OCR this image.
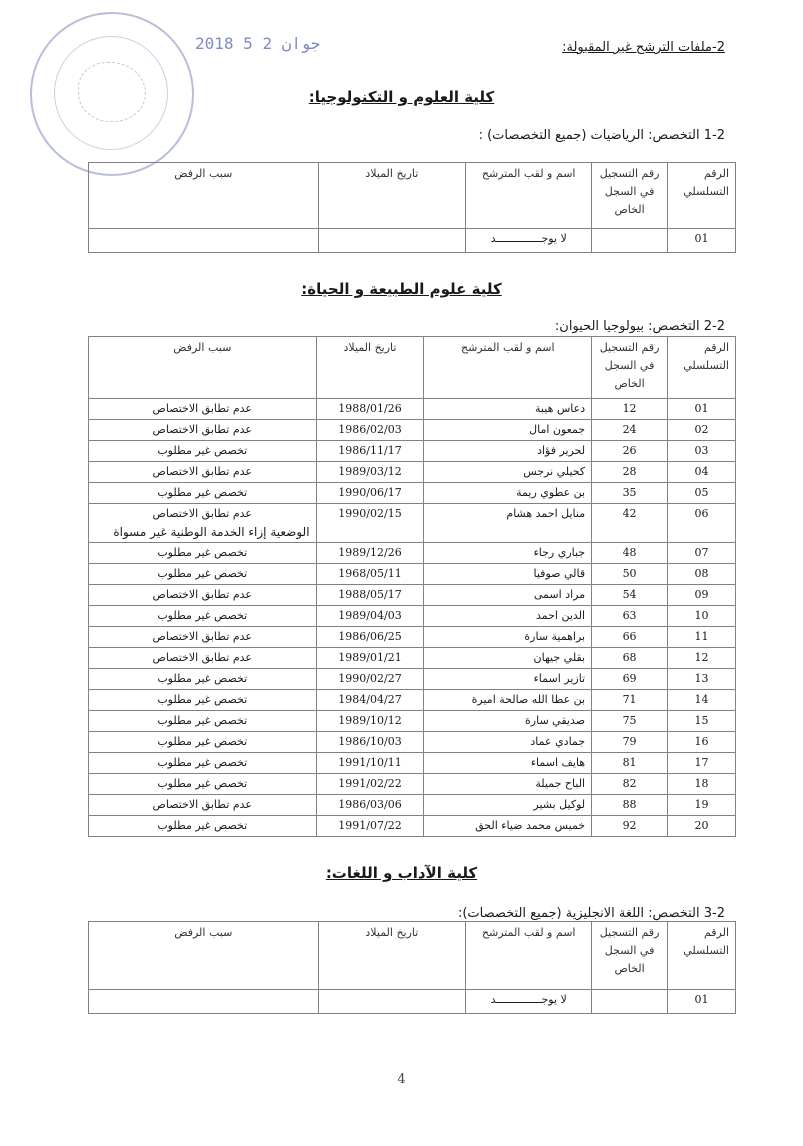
2018 جوان 2 5	2-ملفات الترشح غير المقبولة:
كلية العلوم و التكنولوجيا:
1-2 التخصص: الرياضيات (جميع التخصصات) :
الرقم التسلسلي	رقم التسجيل في السجل الخاص	اسم و لقب المترشح	تاريخ الميلاد	سبب الرفض
01		لا يوجــــــــــــــد		
كلية علوم الطبيعة و الحياة:
2-2 التخصص: بيولوجيا الحيوان:
الرقم التسلسلي	رقم التسجيل في السجل الخاص	اسم و لقب المترشح	تاريخ الميلاد	سبب الرفض
01	12	دعاس هيبة	1988/01/26	عدم تطابق الاختصاص
02	24	جمعون امال	1986/02/03	عدم تطابق الاختصاص
03	26	لحرير فؤاد	1986/11/17	تخصص غير مطلوب
04	28	كحيلي نرجس	1989/03/12	عدم تطابق الاختصاص
05	35	بن عطوي ريمة	1990/06/17	تخصص غير مطلوب
06	42	منايل احمد هشام	1990/02/15	عدم تطابق الاختصاص
الوضعية إزاء الخدمة الوطنية غير مسواة

07	48	جباري رجاء	1989/12/26	تخصص غير مطلوب
08	50	قالي صوفيا	1968/05/11	تخصص غير مطلوب
09	54	مراد اسمى	1988/05/17	عدم تطابق الاختصاص
10	63	الدين احمد	1989/04/03	تخصص غير مطلوب
11	66	براهمية سارة	1986/06/25	عدم تطابق الاختصاص
12	68	بقلي جيهان	1989/01/21	عدم تطابق الاختصاص
13	69	تازير اسماء	1990/02/27	تخصص غير مطلوب
14	71	بن عطا الله صالحة اميرة	1984/04/27	تخصص غير مطلوب
15	75	صديقي سارة	1989/10/12	تخصص غير مطلوب
16	79	جمادي عماد	1986/10/03	تخصص غير مطلوب
17	81	هايف اسماء	1991/10/11	تخصص غير مطلوب
18	82	الباح جميلة	1991/02/22	تخصص غير مطلوب
19	88	لوكيل بشير	1986/03/06	عدم تطابق الاختصاص
20	92	خميس محمد ضياء الحق	1991/07/22	تخصص غير مطلوب
كلية الآداب و اللغات:
3-2 التخصص: اللغة الانجليزية (جميع التخصصات):
الرقم التسلسلي	رقم التسجيل في السجل الخاص	اسم و لقب المترشح	تاريخ الميلاد	سبب الرفض
01		لا يوجــــــــــــــد		
4
